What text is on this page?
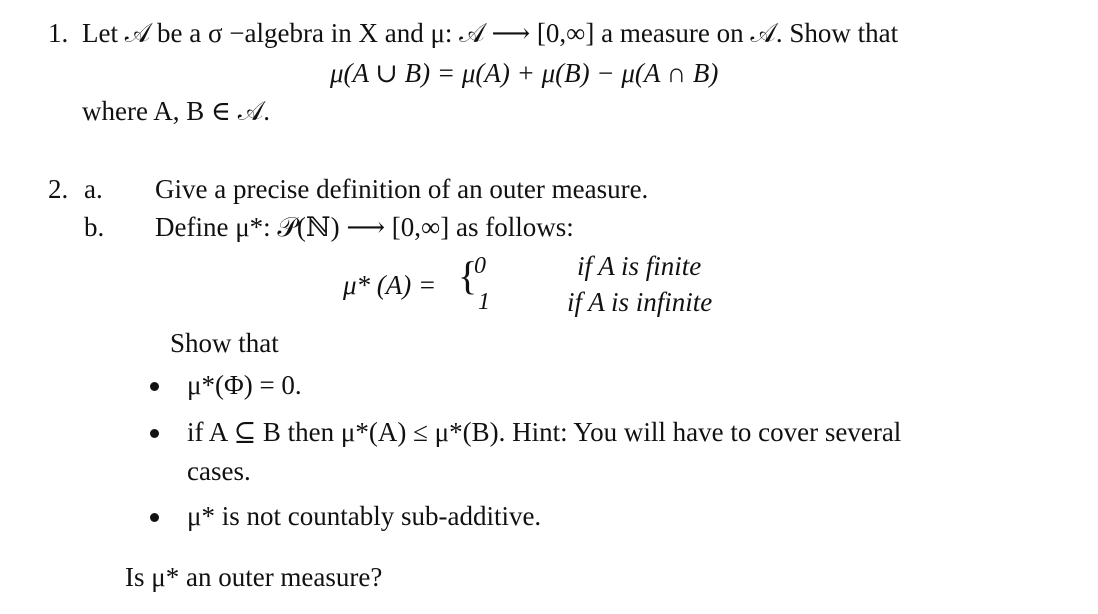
1. Let 𝒜 be a σ −algebra in X and μ: 𝒜 ⟶ [0,∞] a measure on 𝒜. Show that
μ(A ∪ B) = μ(A) + μ(B) − μ(A ∩ B)
where A, B ∈ 𝒜.
2. a. Give a precise definition of an outer measure.
b. Define μ*: 𝒫(ℕ) ⟶ [0,∞] as follows:
μ* (A) = {
0
1
if A is finite
if A is infinite
Show that
μ*(Φ) = 0.
if A ⊆ B then μ*(A) ≤ μ*(B). Hint: You will have to cover several
cases.
μ* is not countably sub-additive.
Is μ* an outer measure?
